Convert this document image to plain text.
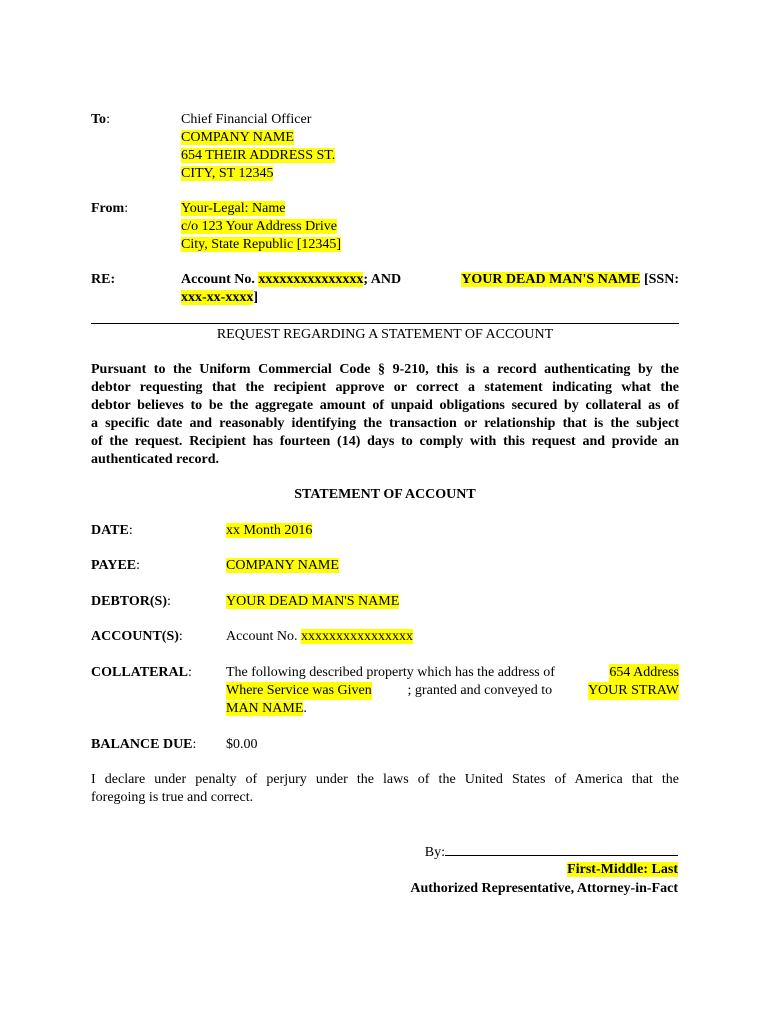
To:	Chief Financial Officer
COMPANY NAME
654 THEIR ADDRESS ST.
CITY, ST 12345
From:	Your-Legal: Name
c/o 123 Your Address Drive
City, State Republic [12345]
RE:	Account No. xxxxxxxxxxxxxxx; AND	YOUR DEAD MAN'S NAME [SSN:
xxx-xx-xxxx]
REQUEST REGARDING A STATEMENT OF ACCOUNT
Pursuant to the Uniform Commercial Code § 9-210, this is a record authenticating by the
debtor requesting that the recipient approve or correct a statement indicating what the
debtor believes to be the aggregate amount of unpaid obligations secured by collateral as of
a specific date and reasonably identifying the transaction or relationship that is the subject
of the request. Recipient has fourteen (14) days to comply with this request and provide an
authenticated record.
STATEMENT OF ACCOUNT
DATE:	xx Month 2016
PAYEE:	COMPANY NAME
DEBTOR(S):	YOUR DEAD MAN'S NAME
ACCOUNT(S):	Account No. xxxxxxxxxxxxxxxx
COLLATERAL:	The following described property which has the address of	654 Address
Where Service was Given	; granted and conveyed to	YOUR STRAW
MAN NAME.
BALANCE DUE:	$0.00
I declare under penalty of perjury under the laws of the United States of America that the
foregoing is true and correct.
By:
First-Middle: Last
Authorized Representative, Attorney-in-Fact
